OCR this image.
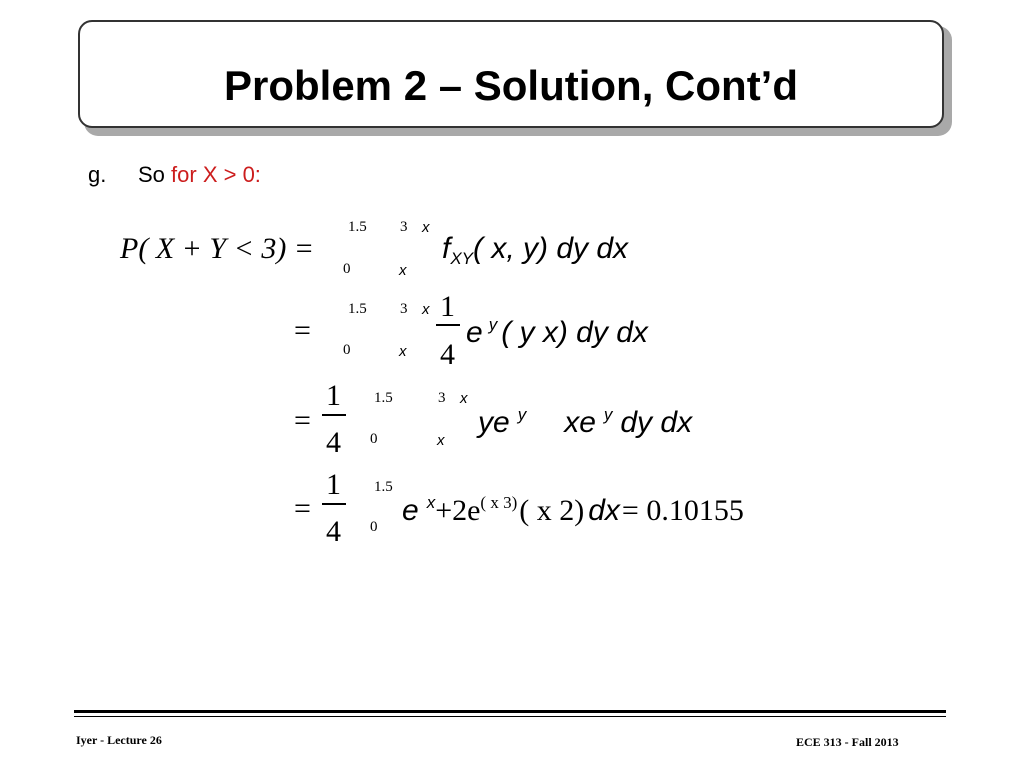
Problem 2 – Solution, Cont’d
g. So for X > 0:
P( X + Y < 3) =
1.5
0
3 x
x
$f_{XY}$( x, y) dy dx
=
1.5
0
3 x
x
1
4
e $^y$ ( y x) dy dx
=
1
4
1.5
0
3 x
x
ye $^y$ xe $^y$ dy dx
=
1
4
1.5
0 e $^x+2e^{( x 3)}$( x 2) dx= 0.10155
Iyer - Lecture 26	ECE 313 - Fall 2013
